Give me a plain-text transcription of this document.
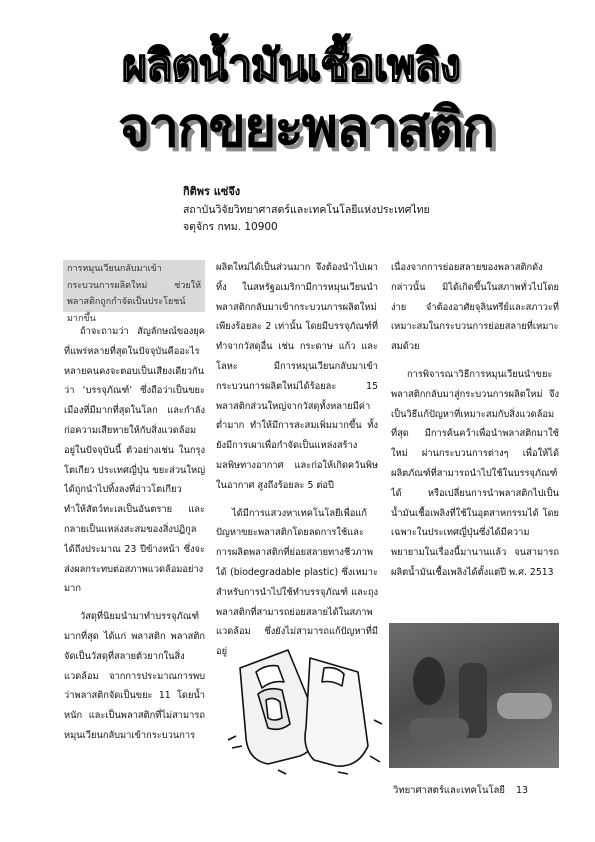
ผลิตน้ำมันเชื้อเพลิง
จากขยะพลาสติก
กิติพร แซ่จึง
สถาบันวิจัยวิทยาศาสตร์และเทคโนโลยีแห่งประเทศไทย
จตุจักร กทม. 10900
การหมุนเวียนกลับมาเข้ากระบวนการผลิตใหม่ ช่วยให้พลาสติกถูกกำจัดเป็นประโยชน์มากขึ้น

ถ้าจะถามว่า สัญลักษณ์ของยุคที่แพร่หลายที่สุดในปัจจุบันคืออะไร หลายคนคงจะตอบเป็นเสียงเดียวกันว่า ‘บรรจุภัณฑ์’ ซึ่งถือว่าเป็นขยะเมืองที่มีมากที่สุดในโลก และกำลังก่อความเสียหายให้กับสิ่งแวดล้อมอยู่ในปัจจุบันนี้ ตัวอย่างเช่น ในกรุงโตเกียว ประเทศญี่ปุ่น ขยะส่วนใหญ่ได้ถูกนำไปทิ้งลงที่อ่าวโตเกียว ทำให้สัตว์ทะเลเป็นอันตราย และกลายเป็นแหล่งสะสมของสิ่งปฏิกูล ได้ถึงประมาณ 23 ปีข้างหน้า ซึ่งจะส่งผลกระทบต่อสภาพแวดล้อมอย่างมาก

วัสดุที่นิยมนำมาทำบรรจุภัณฑ์มากที่สุด ได้แก่ พลาสติก พลาสติกจัดเป็นวัสดุที่สลายตัวยากในสิ่งแวดล้อม จากการประมาณการพบว่าพลาสติกจัดเป็นขยะ 11 โดยน้ำหนัก และเป็นพลาสติกที่ไม่สามารถหมุนเวียนกลับมาเข้ากระบวนการ

ผลิตใหม่ได้เป็นส่วนมาก จึงต้องนำไปเผาทิ้ง ในสหรัฐอเมริกามีการหมุนเวียนนำพลาสติกกลับมาเข้ากระบวนการผลิตใหม่เพียงร้อยละ 2 เท่านั้น โดยมีบรรจุภัณฑ์ที่ทำจากวัสดุอื่น เช่น กระดาษ แก้ว และโลหะ มีการหมุนเวียนกลับมาเข้ากระบวนการผลิตใหม่ได้ร้อยละ 15 พลาสติกส่วนใหญ่จากวัสดุทั้งหลายมีค่าต่ำมาก ทำให้มีการสะสมเพิ่มมากขึ้น ทั้งยังมีการเผาเพื่อกำจัดเป็นแหล่งสร้างมลพิษทางอากาศ และก่อให้เกิดควันพิษในอากาศ สูงถึงร้อยละ 5 ต่อปี

ได้มีการแสวงหาเทคโนโลยีเพื่อแก้ปัญหาขยะพลาสติกโดยลดการใช้และการผลิตพลาสติกที่ย่อยสลายทางชีวภาพได้ (biodegradable plastic) ซึ่งเหมาะสำหรับการนำไปใช้ทำบรรจุภัณฑ์ และถุงพลาสติกที่สามารถย่อยสลายได้ในสภาพแวดล้อม ซึ่งยังไม่สามารถแก้ปัญหาที่มีอยู่

เนื่องจากการย่อยสลายของพลาสติกดังกล่าวนั้น มิได้เกิดขึ้นในสภาพทั่วไปโดยง่าย จำต้องอาศัยจุลินทรีย์และสภาวะที่เหมาะสมในกระบวนการย่อยสลายที่เหมาะสมด้วย

การพิจารณาวิธีการหมุนเวียนนำขยะพลาสติกกลับมาสู่กระบวนการผลิตใหม่ จึงเป็นวิธีแก้ปัญหาที่เหมาะสมกับสิ่งแวดล้อมที่สุด มีการค้นคว้าเพื่อนำพลาสติกมาใช้ใหม่ ผ่านกระบวนการต่างๆ เพื่อให้ได้ผลิตภัณฑ์ที่สามารถนำไปใช้ในบรรจุภัณฑ์ได้ หรือเปลี่ยนการนำพลาสติกไปเป็นน้ำมันเชื้อเพลิงที่ใช้ในอุตสาหกรรมได้ โดยเฉพาะในประเทศญี่ปุ่นซึ่งได้มีความพยายามในเรื่องนี้มานานแล้ว จนสามารถผลิตน้ำมันเชื้อเพลิงได้ตั้งแต่ปี พ.ศ. 2513

วิทยาศาสตร์และเทคโนโลยี 13
